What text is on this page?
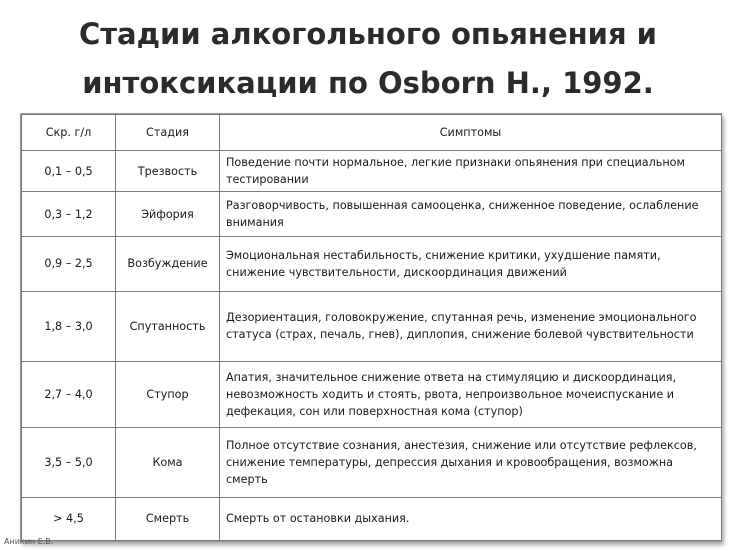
Стадии алкогольного опьянения и
интоксикации по Osborn H., 1992.
Скр. г/л	Стадия	Симптомы
0,1 – 0,5	Трезвость	Поведение почти нормальное, легкие признаки опьянения при специальном тестировании
0,3 – 1,2	Эйфория	Разговорчивость, повышенная самооценка, сниженное поведение, ослабление внимания
0,9 – 2,5	Возбуждение	Эмоциональная нестабильность, снижение критики, ухудшение памяти, снижение чувствительности, дискоординация движений
1,8 – 3,0	Спутанность	Дезориентация, головокружение, спутанная речь, изменение эмоционального статуса (страх, печаль, гнев), диплопия, снижение болевой чувствительности
2,7 – 4,0	Ступор	Апатия, значительное снижение ответа на стимуляцию и дискоординация, невозможность ходить и стоять, рвота, непроизвольное мочеиспускание и дефекация, сон или поверхностная кома (ступор)
3,5 – 5,0	Кома	Полное отсутствие сознания, анестезия, снижение или отсутствие рефлексов, снижение температуры, депрессия дыхания и кровообращения, возможна смерть
> 4,5	Смерть	Смерть от остановки дыхания.
Аникин Е.В.
